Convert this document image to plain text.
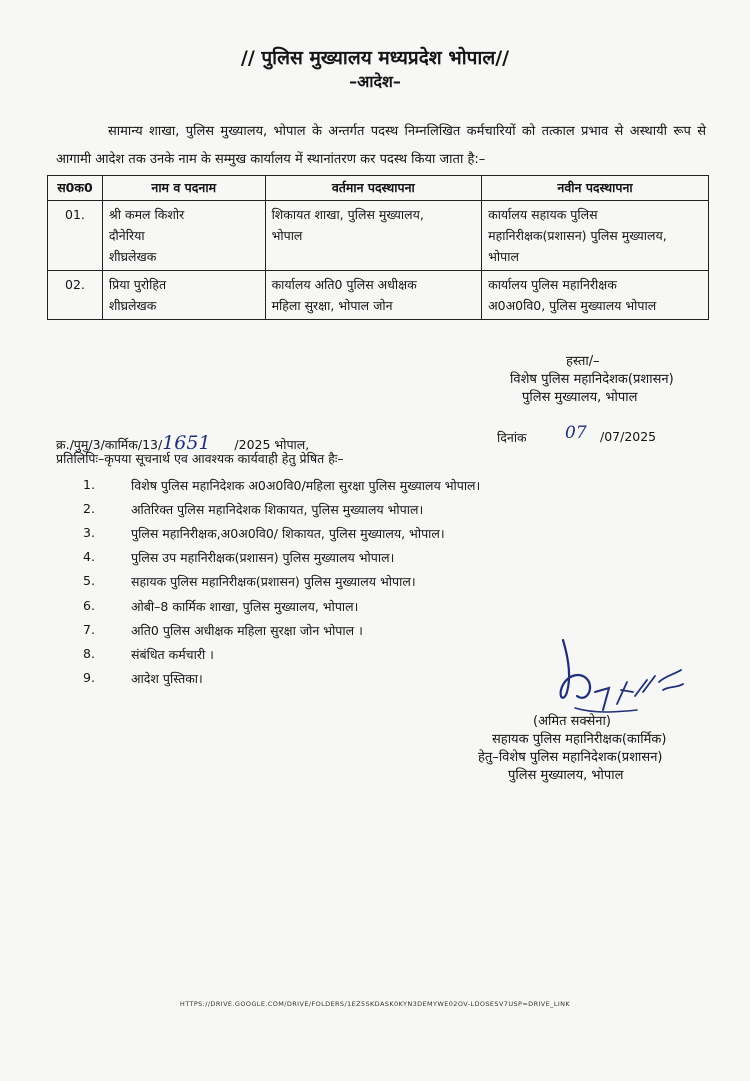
// पुलिस मुख्यालय मध्यप्रदेश भोपाल//
–आदेश–

सामान्य शाखा, पुलिस मुख्यालय, भोपाल के अन्तर्गत पदस्थ निम्नलिखित कर्मचारियों को तत्काल प्रभाव से अस्थायी रूप से आगामी आदेश तक उनके नाम के सम्मुख कार्यालय में स्थानांतरण कर पदस्थ किया जाता है:–

स0क0	नाम व पदनाम	वर्तमान पदस्थापना	नवीन पदस्थापना
01.	श्री कमल किशोर
दौनेरिया
शीघ्रलेखक	शिकायत शाखा, पुलिस मुख्यालय,
भोपाल	कार्यालय सहायक पुलिस
महानिरीक्षक(प्रशासन) पुलिस मुख्यालय,
भोपाल

02.	प्रिया पुरोहित
शीघ्रलेखक	कार्यालय अति0 पुलिस अधीक्षक
महिला सुरक्षा, भोपाल जोन	कार्यालय पुलिस महानिरीक्षक
अ0अ0वि0, पुलिस मुख्यालय भोपाल
हस्ता/–
विशेष पुलिस महानिदेशक(प्रशासन)
पुलिस मुख्यालय, भोपाल
क्र./पुमु/3/कार्मिक/13/1651 /2025 भोपाल,	दिनांक 07 /07/2025
प्रतिलिपिः–कृपया सूचनार्थ एव आवश्यक कार्यवाही हेतु प्रेषित हैः–
1.	विशेष पुलिस महानिदेशक अ0अ0वि0/महिला सुरक्षा पुलिस मुख्यालय भोपाल।
2.	अतिरिक्त पुलिस महानिदेशक शिकायत, पुलिस मुख्यालय भोपाल।
3.	पुलिस महानिरीक्षक,अ0अ0वि0/ शिकायत, पुलिस मुख्यालय, भोपाल।
4.	पुलिस उप महानिरीक्षक(प्रशासन) पुलिस मुख्यालय भोपाल।
5.	सहायक पुलिस महानिरीक्षक(प्रशासन) पुलिस मुख्यालय भोपाल।
6.	ओबी–8 कार्मिक शाखा, पुलिस मुख्यालय, भोपाल।
7.	अति0 पुलिस अधीक्षक महिला सुरक्षा जोन भोपाल ।
8.	संबंधित कर्मचारी ।
9.	आदेश पुस्तिका।
(अमित सक्सेना)
सहायक पुलिस महानिरीक्षक(कार्मिक)
हेतु–विशेष पुलिस महानिदेशक(प्रशासन)
पुलिस मुख्यालय, भोपाल
HTTPS://DRIVE.GOOGLE.COM/DRIVE/FOLDERS/1EZ5SKDASK0KYN3DEMYWE02OV-LDOSESV7USP=DRIVE_LINK
